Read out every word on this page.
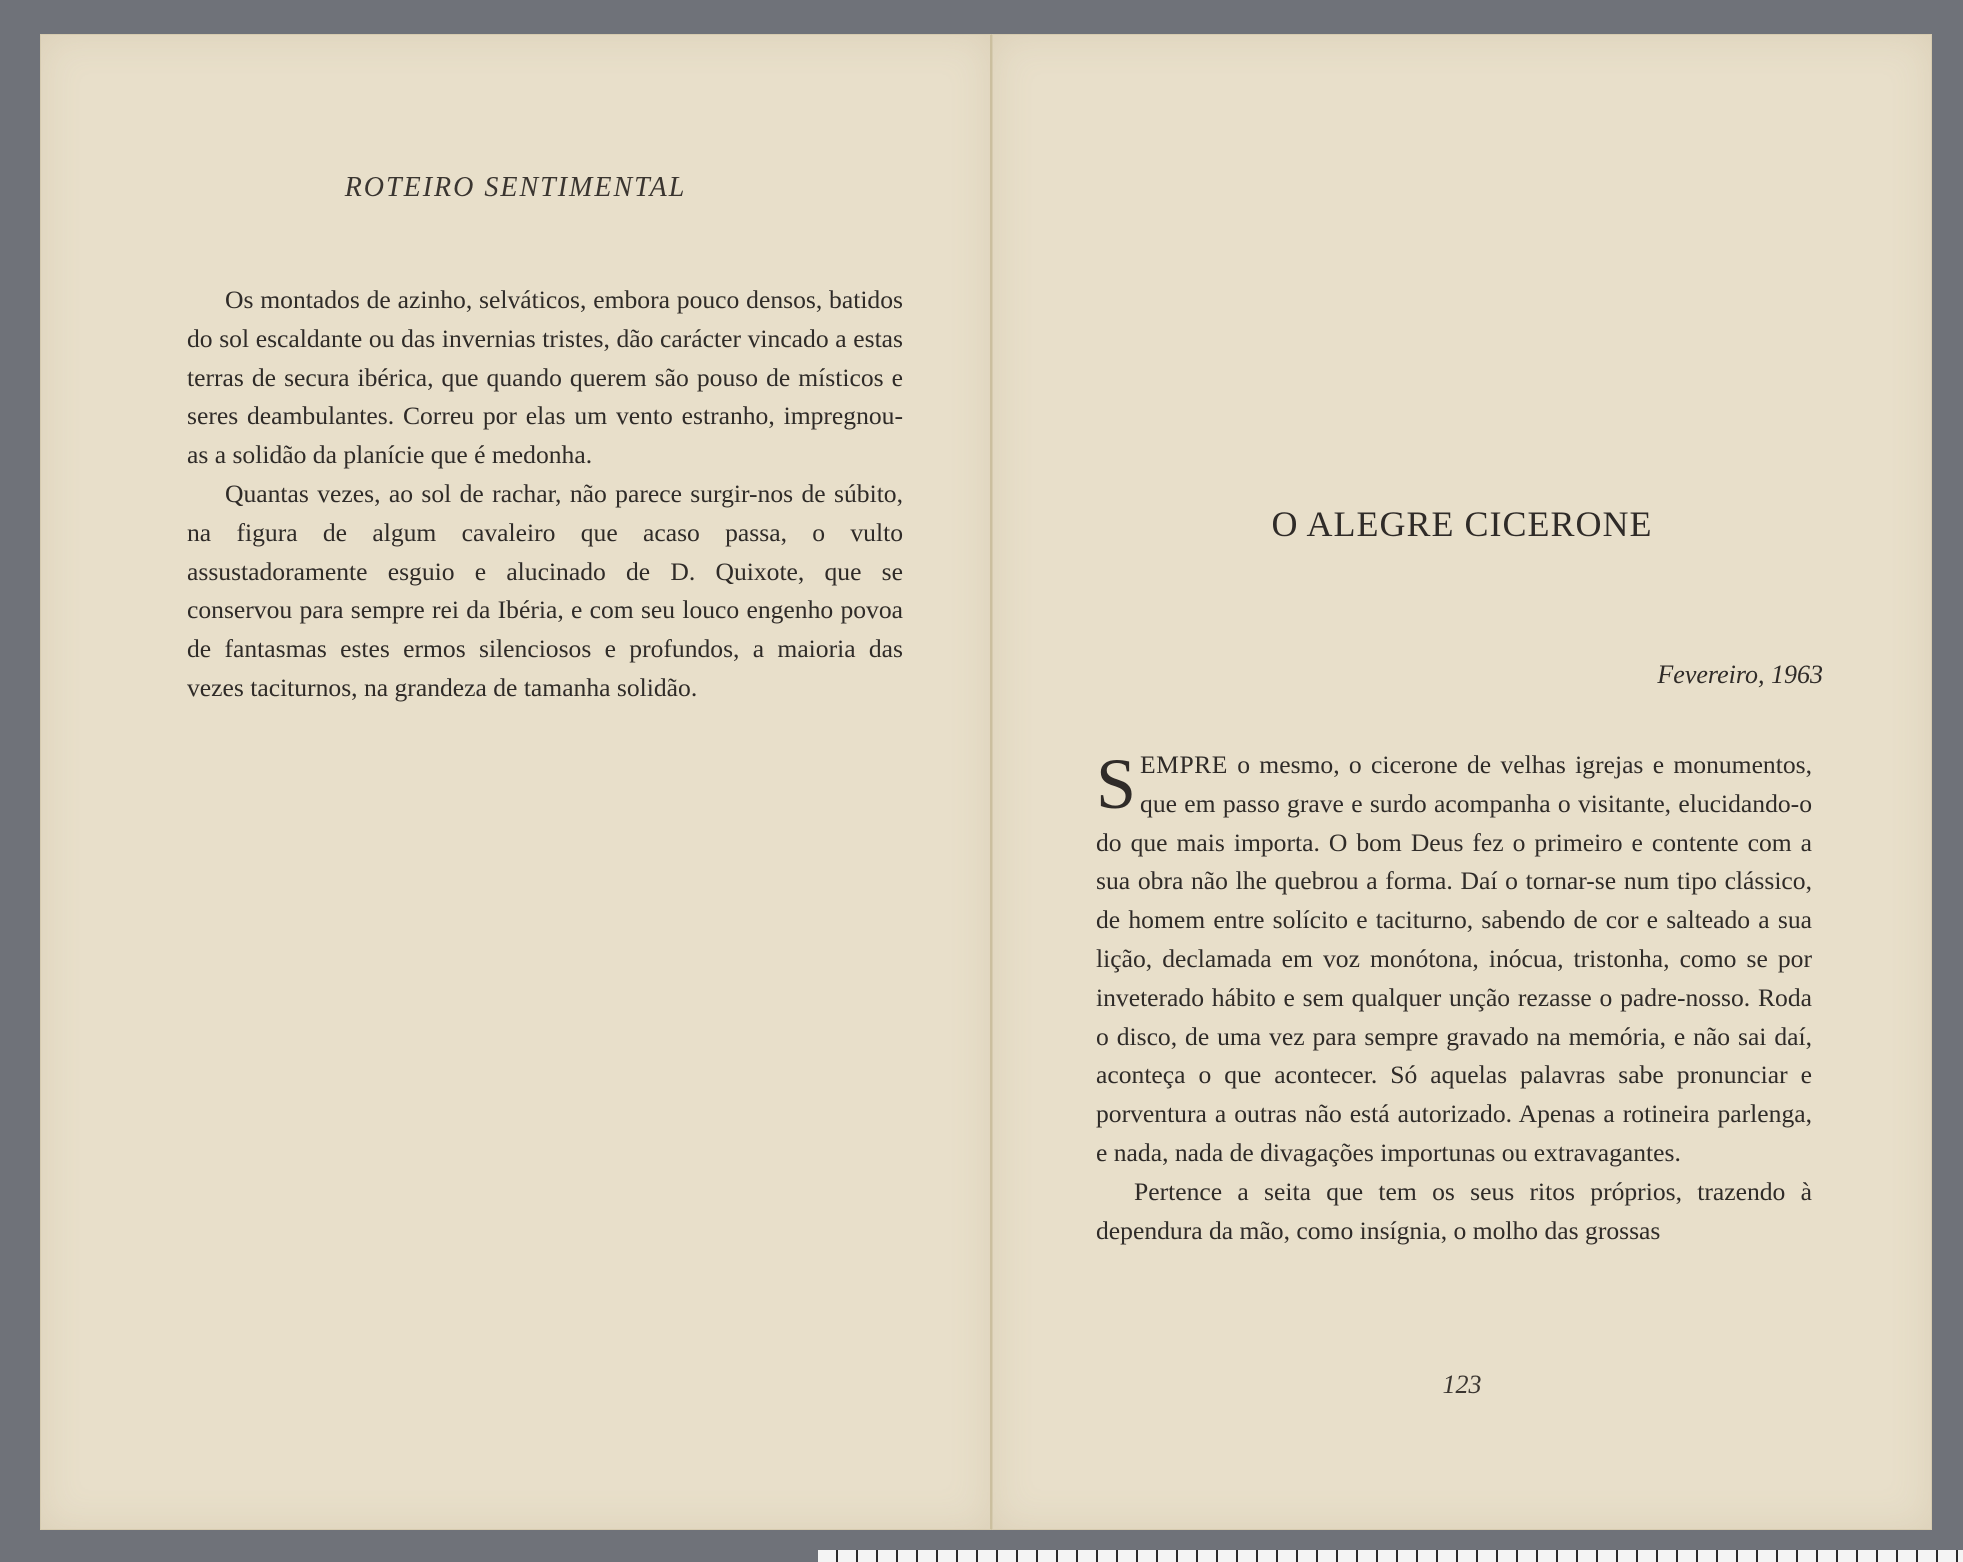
ROTEIRO SENTIMENTAL

Os montados de azinho, selváticos, embora pouco densos, batidos do sol escaldante ou das invernias tristes, dão carácter vincado a estas terras de secura ibérica, que quando querem são pouso de místicos e seres deambulantes. Correu por elas um vento estranho, impregnou-as a solidão da planície que é medonha.

Quantas vezes, ao sol de rachar, não parece surgir-nos de súbito, na figura de algum cavaleiro que acaso passa, o vulto assustadoramente esguio e alucinado de D. Quixote, que se conservou para sempre rei da Ibéria, e com seu louco engenho povoa de fantasmas estes ermos silenciosos e profundos, a maioria das vezes taciturnos, na grandeza de tamanha solidão.

O ALEGRE CICERONE
Fevereiro, 1963

SEMPRE o mesmo, o cicerone de velhas igrejas e monumentos, que em passo grave e surdo acompanha o visitante, elucidando-o do que mais importa. O bom Deus fez o primeiro e contente com a sua obra não lhe quebrou a forma. Daí o tornar-se num tipo clássico, de homem entre solícito e taciturno, sabendo de cor e salteado a sua lição, declamada em voz monótona, inócua, tristonha, como se por inveterado hábito e sem qualquer unção rezasse o padre-nosso. Roda o disco, de uma vez para sempre gravado na memória, e não sai daí, aconteça o que acontecer. Só aquelas palavras sabe pronunciar e porventura a outras não está autorizado. Apenas a rotineira parlenga, e nada, nada de divagações importunas ou extravagantes.

Pertence a seita que tem os seus ritos próprios, trazendo à dependura da mão, como insígnia, o molho das grossas

123
